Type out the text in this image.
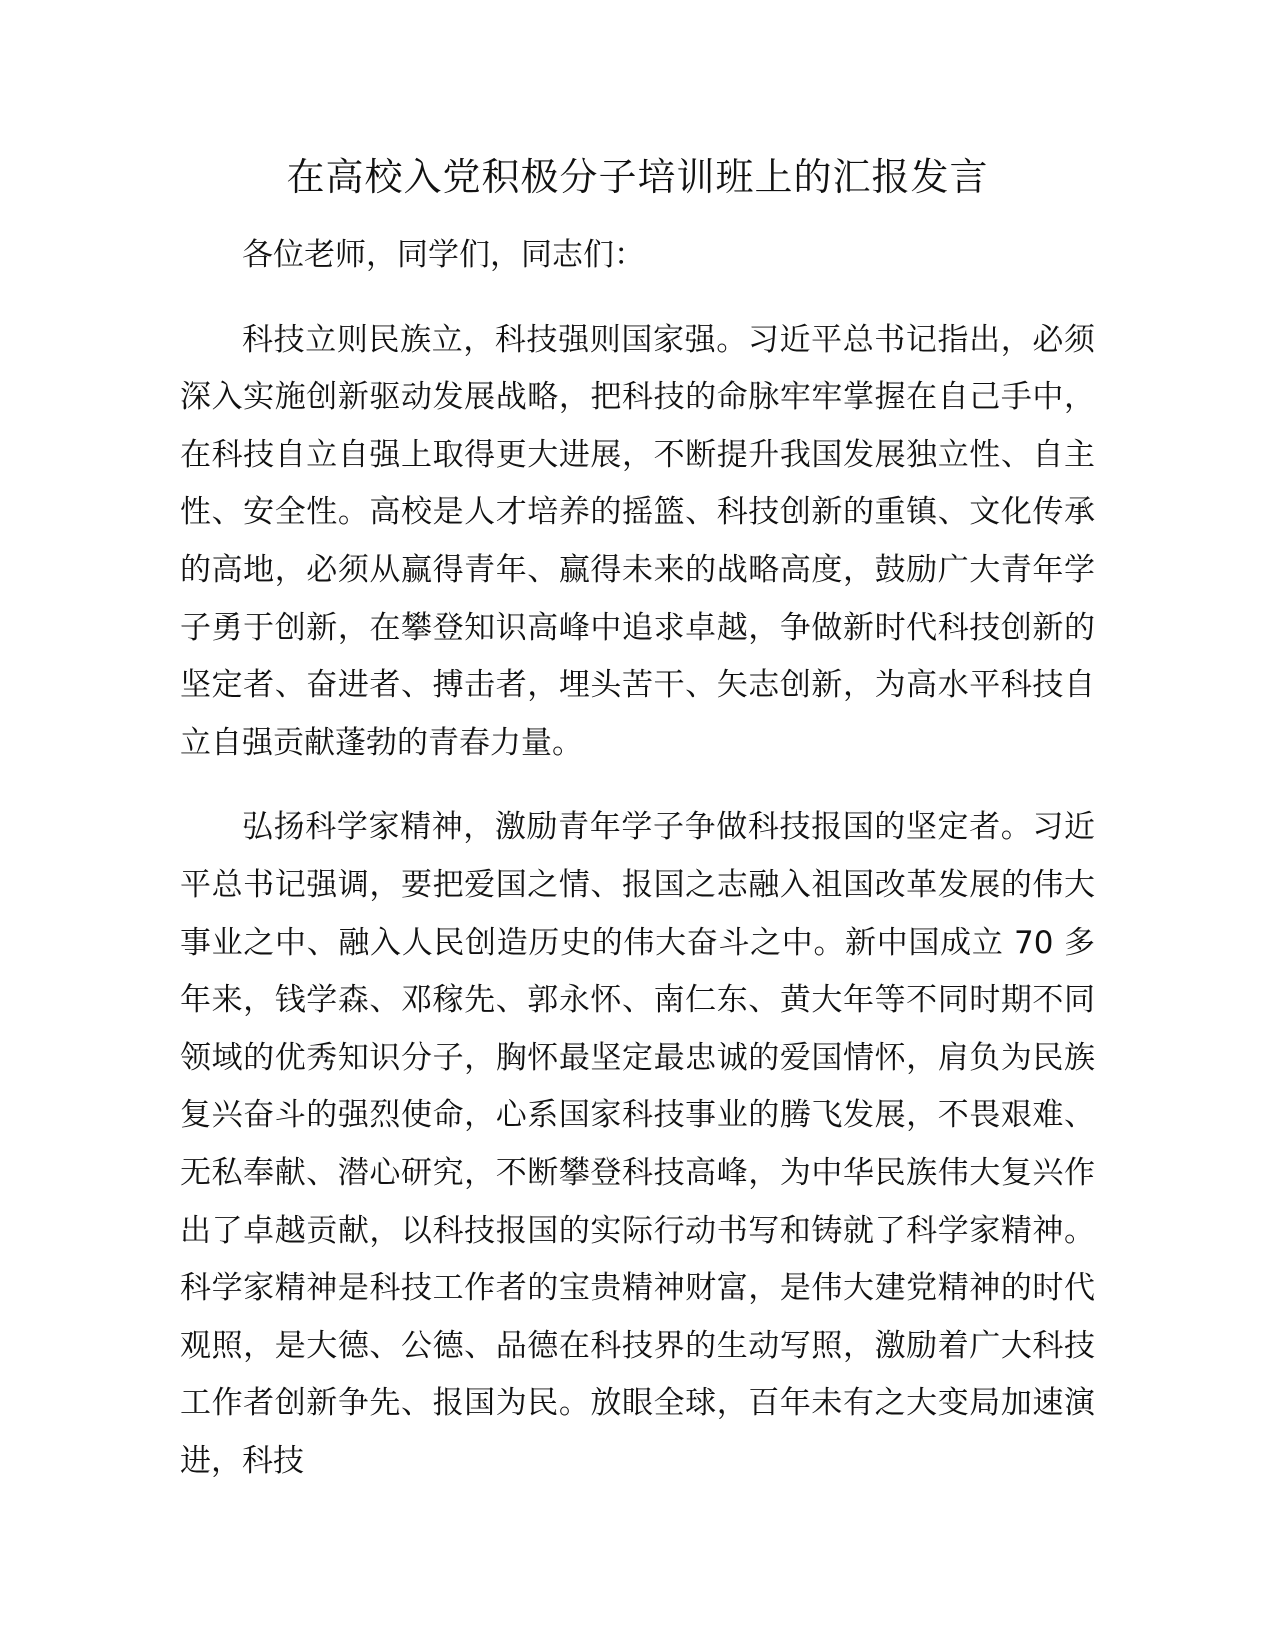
在高校入党积极分子培训班上的汇报发言

各位老师，同学们，同志们：

科技立则民族立，科技强则国家强。习近平总书记指出，必须深入实施创新驱动发展战略，把科技的命脉牢牢掌握在自己手中，在科技自立自强上取得更大进展，不断提升我国发展独立性、自主性、安全性。高校是人才培养的摇篮、科技创新的重镇、文化传承的高地，必须从赢得青年、赢得未来的战略高度，鼓励广大青年学子勇于创新，在攀登知识高峰中追求卓越，争做新时代科技创新的坚定者、奋进者、搏击者，埋头苦干、矢志创新，为高水平科技自立自强贡献蓬勃的青春力量。

弘扬科学家精神，激励青年学子争做科技报国的坚定者。习近平总书记强调，要把爱国之情、报国之志融入祖国改革发展的伟大事业之中、融入人民创造历史的伟大奋斗之中。新中国成立 70 多年来，钱学森、邓稼先、郭永怀、南仁东、黄大年等不同时期不同领域的优秀知识分子，胸怀最坚定最忠诚的爱国情怀，肩负为民族复兴奋斗的强烈使命，心系国家科技事业的腾飞发展，不畏艰难、无私奉献、潜心研究，不断攀登科技高峰，为中华民族伟大复兴作出了卓越贡献，以科技报国的实际行动书写和铸就了科学家精神。科学家精神是科技工作者的宝贵精神财富，是伟大建党精神的时代观照，是大德、公德、品德在科技界的生动写照，激励着广大科技工作者创新争先、报国为民。放眼全球，百年未有之大变局加速演进，科技
